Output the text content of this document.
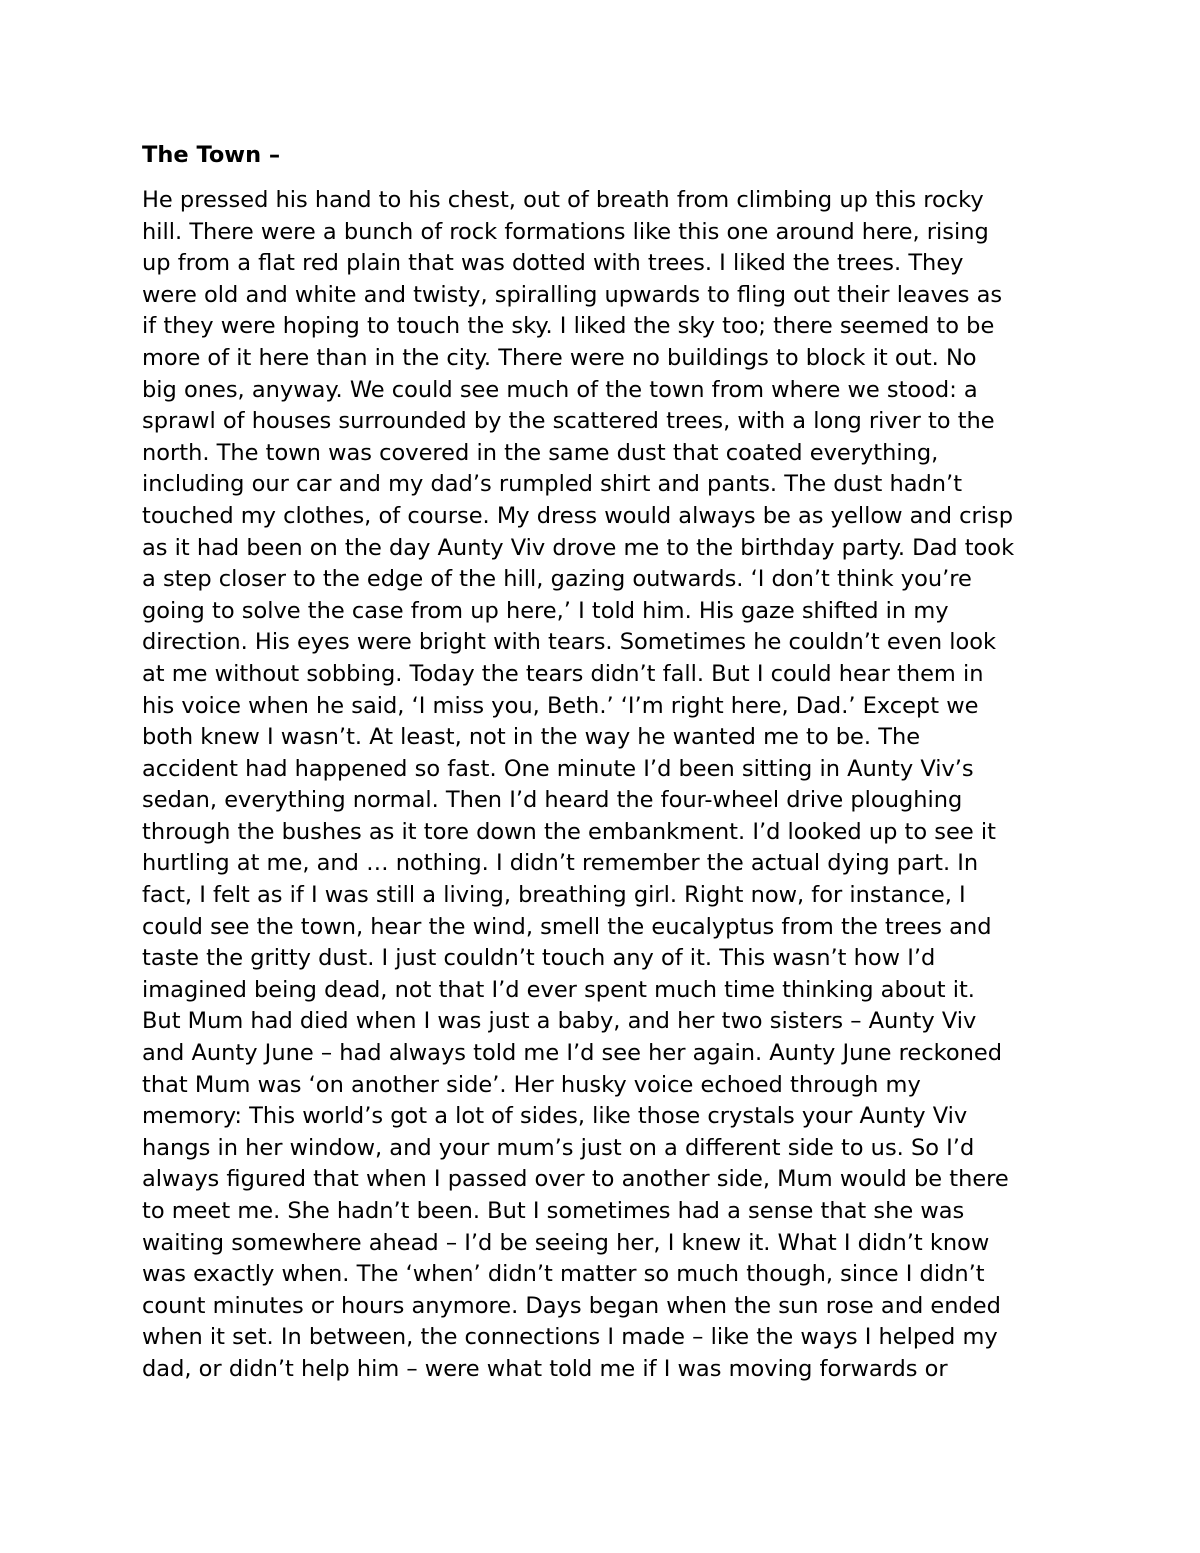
The Town –
He pressed his hand to his chest, out of breath from climbing up this rocky
hill. There were a bunch of rock formations like this one around here, rising
up from a flat red plain that was dotted with trees. I liked the trees. They
were old and white and twisty, spiralling upwards to fling out their leaves as
if they were hoping to touch the sky. I liked the sky too; there seemed to be
more of it here than in the city. There were no buildings to block it out. No
big ones, anyway. We could see much of the town from where we stood: a
sprawl of houses surrounded by the scattered trees, with a long river to the
north. The town was covered in the same dust that coated everything,
including our car and my dad’s rumpled shirt and pants. The dust hadn’t
touched my clothes, of course. My dress would always be as yellow and crisp
as it had been on the day Aunty Viv drove me to the birthday party. Dad took
a step closer to the edge of the hill, gazing outwards. ‘I don’t think you’re
going to solve the case from up here,’ I told him. His gaze shifted in my
direction. His eyes were bright with tears. Sometimes he couldn’t even look
at me without sobbing. Today the tears didn’t fall. But I could hear them in
his voice when he said, ‘I miss you, Beth.’ ‘I’m right here, Dad.’ Except we
both knew I wasn’t. At least, not in the way he wanted me to be. The
accident had happened so fast. One minute I’d been sitting in Aunty Viv’s
sedan, everything normal. Then I’d heard the four-wheel drive ploughing
through the bushes as it tore down the embankment. I’d looked up to see it
hurtling at me, and … nothing. I didn’t remember the actual dying part. In
fact, I felt as if I was still a living, breathing girl. Right now, for instance, I
could see the town, hear the wind, smell the eucalyptus from the trees and
taste the gritty dust. I just couldn’t touch any of it. This wasn’t how I’d
imagined being dead, not that I’d ever spent much time thinking about it.
But Mum had died when I was just a baby, and her two sisters – Aunty Viv
and Aunty June – had always told me I’d see her again. Aunty June reckoned
that Mum was ‘on another side’. Her husky voice echoed through my
memory: This world’s got a lot of sides, like those crystals your Aunty Viv
hangs in her window, and your mum’s just on a different side to us. So I’d
always figured that when I passed over to another side, Mum would be there
to meet me. She hadn’t been. But I sometimes had a sense that she was
waiting somewhere ahead – I’d be seeing her, I knew it. What I didn’t know
was exactly when. The ‘when’ didn’t matter so much though, since I didn’t
count minutes or hours anymore. Days began when the sun rose and ended
when it set. In between, the connections I made – like the ways I helped my
dad, or didn’t help him – were what told me if I was moving forwards or
